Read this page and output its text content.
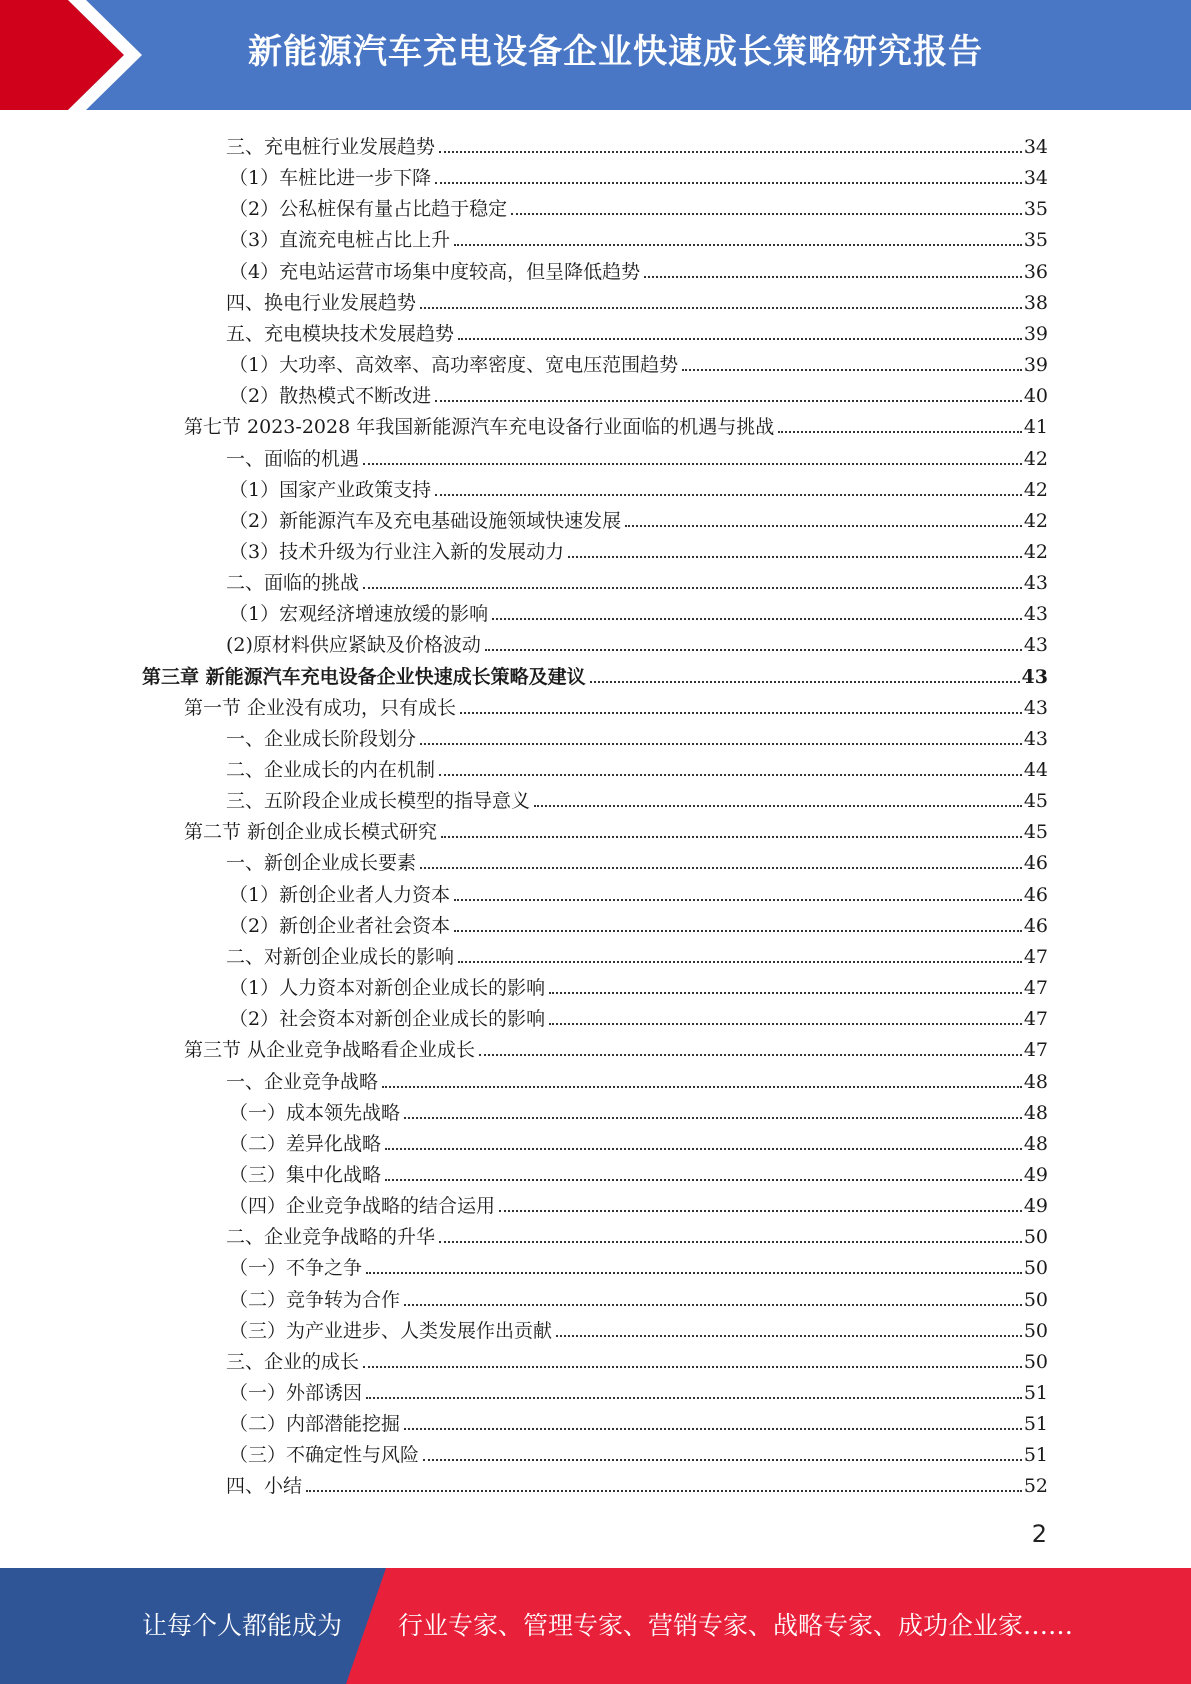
新能源汽车充电设备企业快速成长策略研究报告
三、充电桩行业发展趋势	34
（1）车桩比进一步下降	34
（2）公私桩保有量占比趋于稳定	35
（3）直流充电桩占比上升	35
（4）充电站运营市场集中度较高，但呈降低趋势	36
四、换电行业发展趋势	38
五、充电模块技术发展趋势	39
（1）大功率、高效率、高功率密度、宽电压范围趋势	39
（2）散热模式不断改进	40
第七节 2023-2028 年我国新能源汽车充电设备行业面临的机遇与挑战	41
一、面临的机遇	42
（1）国家产业政策支持	42
（2）新能源汽车及充电基础设施领域快速发展	42
（3）技术升级为行业注入新的发展动力	42
二、面临的挑战	43
（1）宏观经济增速放缓的影响	43
(2)原材料供应紧缺及价格波动	43
第三章 新能源汽车充电设备企业快速成长策略及建议	43
第一节 企业没有成功，只有成长	43
一、企业成长阶段划分	43
二、企业成长的内在机制	44
三、五阶段企业成长模型的指导意义	45
第二节 新创企业成长模式研究	45
一、新创企业成长要素	46
（1）新创企业者人力资本	46
（2）新创企业者社会资本	46
二、对新创企业成长的影响	47
（1）人力资本对新创企业成长的影响	47
（2）社会资本对新创企业成长的影响	47
第三节 从企业竞争战略看企业成长	47
一、企业竞争战略	48
（一）成本领先战略	48
（二）差异化战略	48
（三）集中化战略	49
（四）企业竞争战略的结合运用	49
二、企业竞争战略的升华	50
（一）不争之争	50
（二）竞争转为合作	50
（三）为产业进步、人类发展作出贡献	50
三、企业的成长	50
（一）外部诱因	51
（二）内部潜能挖掘	51
（三）不确定性与风险	51
四、小结	52
2
让每个人都能成为 行业专家、管理专家、营销专家、战略专家、成功企业家……
